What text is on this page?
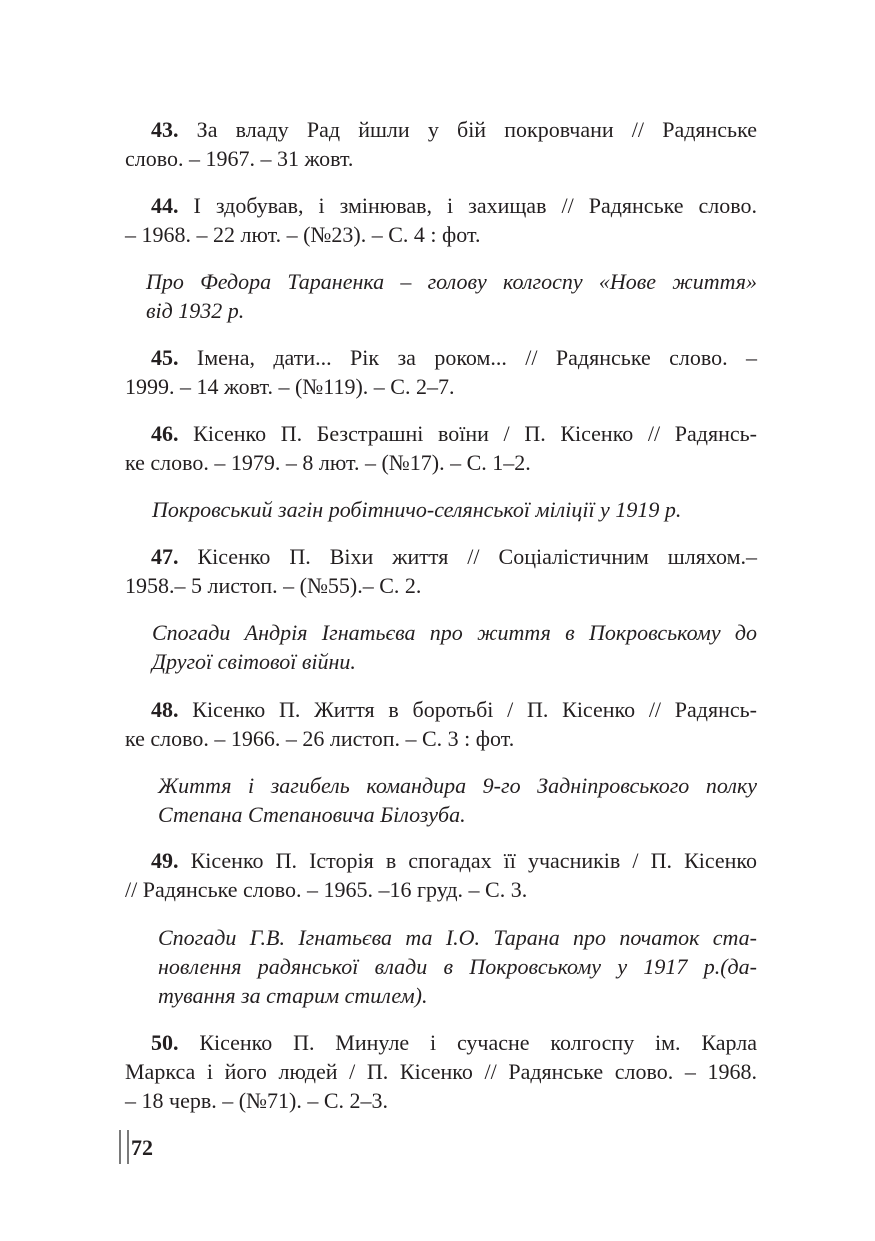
43. За владу Рад йшли у бій покровчани // Радянське
слово. – 1967. – 31 жовт.
44. І здобував, і змінював, і захищав // Радянське слово.
– 1968. – 22 лют. – (№23). – С. 4 : фот.
Про Федора Тараненка – голову колгоспу «Нове життя»
від 1932 р.
45. Імена, дати... Рік за роком... // Радянське слово. –
1999. – 14 жовт. – (№119). – С. 2–7.
46. Кісенко П. Безстрашні воїни / П. Кісенко // Радянсь-
ке слово. – 1979. – 8 лют. – (№17). – С. 1–2.
Покровський загін робітничо-селянської міліції у 1919 р.
47. Кісенко П. Віхи життя // Соціалістичним шляхом.–
1958.– 5 листоп. – (№55).– С. 2.
Спогади Андрія Ігнатьєва про життя в Покровському до
Другої світової війни.
48. Кісенко П. Життя в боротьбі / П. Кісенко // Радянсь-
ке слово. – 1966. – 26 листоп. – С. 3 : фот.
Життя і загибель командира 9-го Задніпровського полку
Степана Степановича Білозуба.
49. Кісенко П. Історія в спогадах її учасників / П. Кісенко
// Радянське слово. – 1965. –16 груд. – С. 3.
Спогади Г.В. Ігнатьєва та І.О. Тарана про початок ста-
новлення радянської влади в Покровському у 1917 р.(да-
тування за старим стилем).
50. Кісенко П. Минуле і сучасне колгоспу ім. Карла
Маркса і його людей / П. Кісенко // Радянське слово. – 1968.
– 18 черв. – (№71). – С. 2–3.
72
